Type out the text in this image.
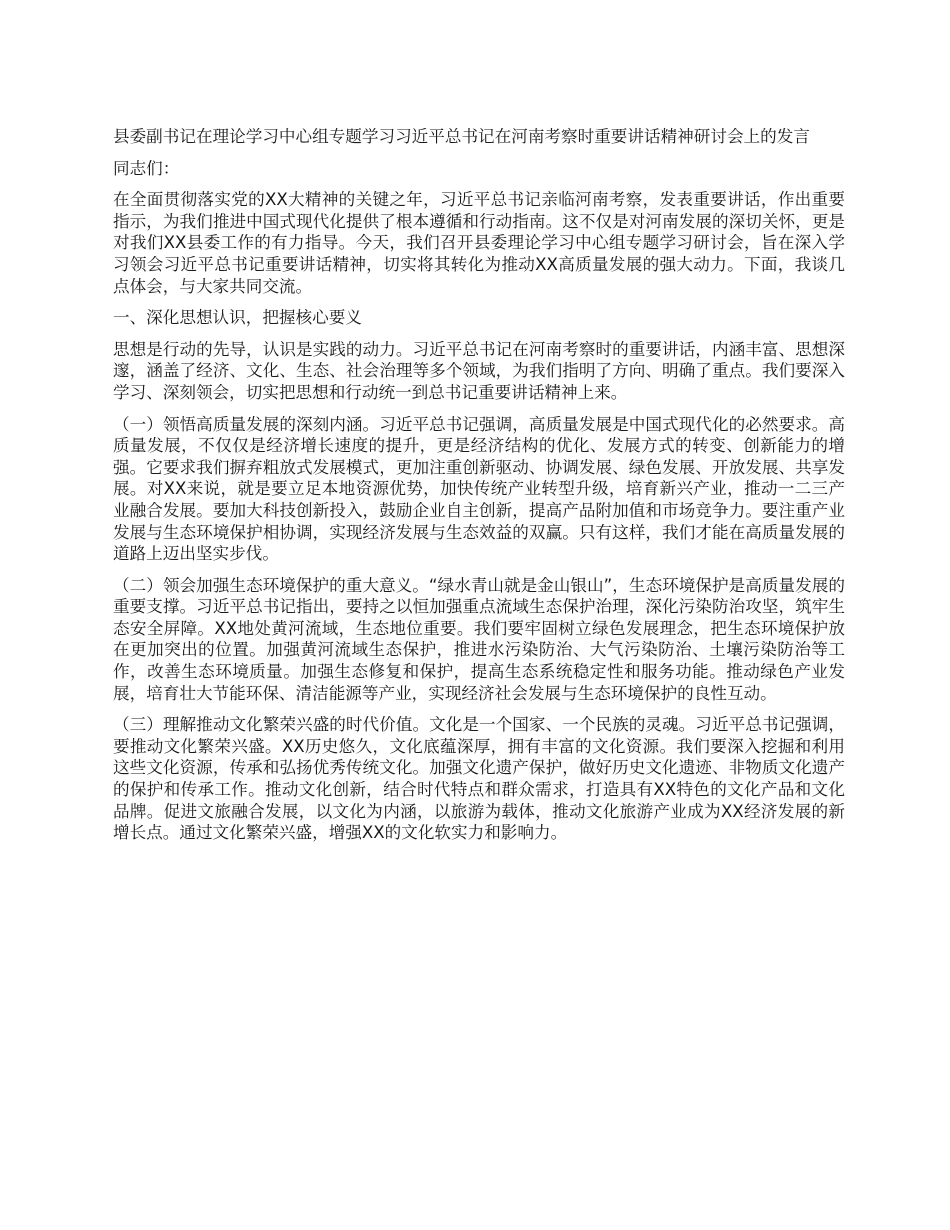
县委副书记在理论学习中心组专题学习习近平总书记在河南考察时重要讲话精神研讨会上的发言

同志们：

在全面贯彻落实党的XX大精神的关键之年，习近平总书记亲临河南考察，发表重要讲话，作出重要指示，为我们推进中国式现代化提供了根本遵循和行动指南。这不仅是对河南发展的深切关怀，更是对我们XX县委工作的有力指导。今天，我们召开县委理论学习中心组专题学习研讨会，旨在深入学习领会习近平总书记重要讲话精神，切实将其转化为推动XX高质量发展的强大动力。下面，我谈几点体会，与大家共同交流。

一、深化思想认识，把握核心要义

思想是行动的先导，认识是实践的动力。习近平总书记在河南考察时的重要讲话，内涵丰富、思想深邃，涵盖了经济、文化、生态、社会治理等多个领域，为我们指明了方向、明确了重点。我们要深入学习、深刻领会，切实把思想和行动统一到总书记重要讲话精神上来。

（一）领悟高质量发展的深刻内涵。习近平总书记强调，高质量发展是中国式现代化的必然要求。高质量发展，不仅仅是经济增长速度的提升，更是经济结构的优化、发展方式的转变、创新能力的增强。它要求我们摒弃粗放式发展模式，更加注重创新驱动、协调发展、绿色发展、开放发展、共享发展。对XX来说，就是要立足本地资源优势，加快传统产业转型升级，培育新兴产业，推动一二三产业融合发展。要加大科技创新投入，鼓励企业自主创新，提高产品附加值和市场竞争力。要注重产业发展与生态环境保护相协调，实现经济发展与生态效益的双赢。只有这样，我们才能在高质量发展的道路上迈出坚实步伐。

（二）领会加强生态环境保护的重大意义。“绿水青山就是金山银山”，生态环境保护是高质量发展的重要支撑。习近平总书记指出，要持之以恒加强重点流域生态保护治理，深化污染防治攻坚，筑牢生态安全屏障。XX地处黄河流域，生态地位重要。我们要牢固树立绿色发展理念，把生态环境保护放在更加突出的位置。加强黄河流域生态保护，推进水污染防治、大气污染防治、土壤污染防治等工作，改善生态环境质量。加强生态修复和保护，提高生态系统稳定性和服务功能。推动绿色产业发展，培育壮大节能环保、清洁能源等产业，实现经济社会发展与生态环境保护的良性互动。

（三）理解推动文化繁荣兴盛的时代价值。文化是一个国家、一个民族的灵魂。习近平总书记强调，要推动文化繁荣兴盛。XX历史悠久，文化底蕴深厚，拥有丰富的文化资源。我们要深入挖掘和利用这些文化资源，传承和弘扬优秀传统文化。加强文化遗产保护，做好历史文化遗迹、非物质文化遗产的保护和传承工作。推动文化创新，结合时代特点和群众需求，打造具有XX特色的文化产品和文化品牌。促进文旅融合发展，以文化为内涵，以旅游为载体，推动文化旅游产业成为XX经济发展的新增长点。通过文化繁荣兴盛，增强XX的文化软实力和影响力。
